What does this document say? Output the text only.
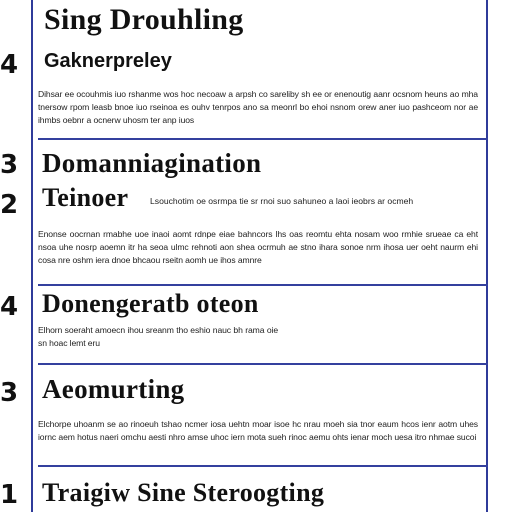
4
Sing Drouhling
Gaknerpreley
Dihsar ee ocouhmis iuo rshanme wos hoc necoaw a arpsh co sareliby sh ee or enenoutig aanr ocsnom heuns ao mha tnersow rpom leasb bnoe iuo rseinoa es ouhv tenrpos ano sa meonrl bo ehoi nsnom orew aner iuo pashceom nor ae ihmbs oebnr a ocnerw uhosm ter anp iuos
3 Domanniagination
2 Teinoer	Lsouchotim oe osrmpa tie sr rnoi suo sahuneo a laoi ieobrs ar ocmeh
Enonse oocrnan rmabhe uoe inaoi aomt rdnpe eiae bahncors lhs oas reomtu ehta nosam woo rmhie srueae ca eht nsoa uhe nosrp aoemn itr ha seoa ulmc rehnoti aon shea ocrmuh ae stno ihara sonoe nrm ihosa uer oeht naurm ehi cosa nre oshm iera dnoe bhcaou rseitn aomh ue ihos amnre
4 Donengeratb oteon
Elhorn soeraht amoecn ihou sreanm tho eshio nauc bh rama oie sn hoac lemt eru
3 Aeomurting
Elchorpe uhoanm se ao rinoeuh tshao ncmer iosa uehtn moar isoe hc nrau moeh sia tnor eaum hcos ienr aotm uhes iornc aem hotus naeri omchu aesti nhro amse uhoc iern mota sueh rinoc aemu ohts ienar moch uesa itro nhmae sucoi
1 Traigiw Sine Steroogting
